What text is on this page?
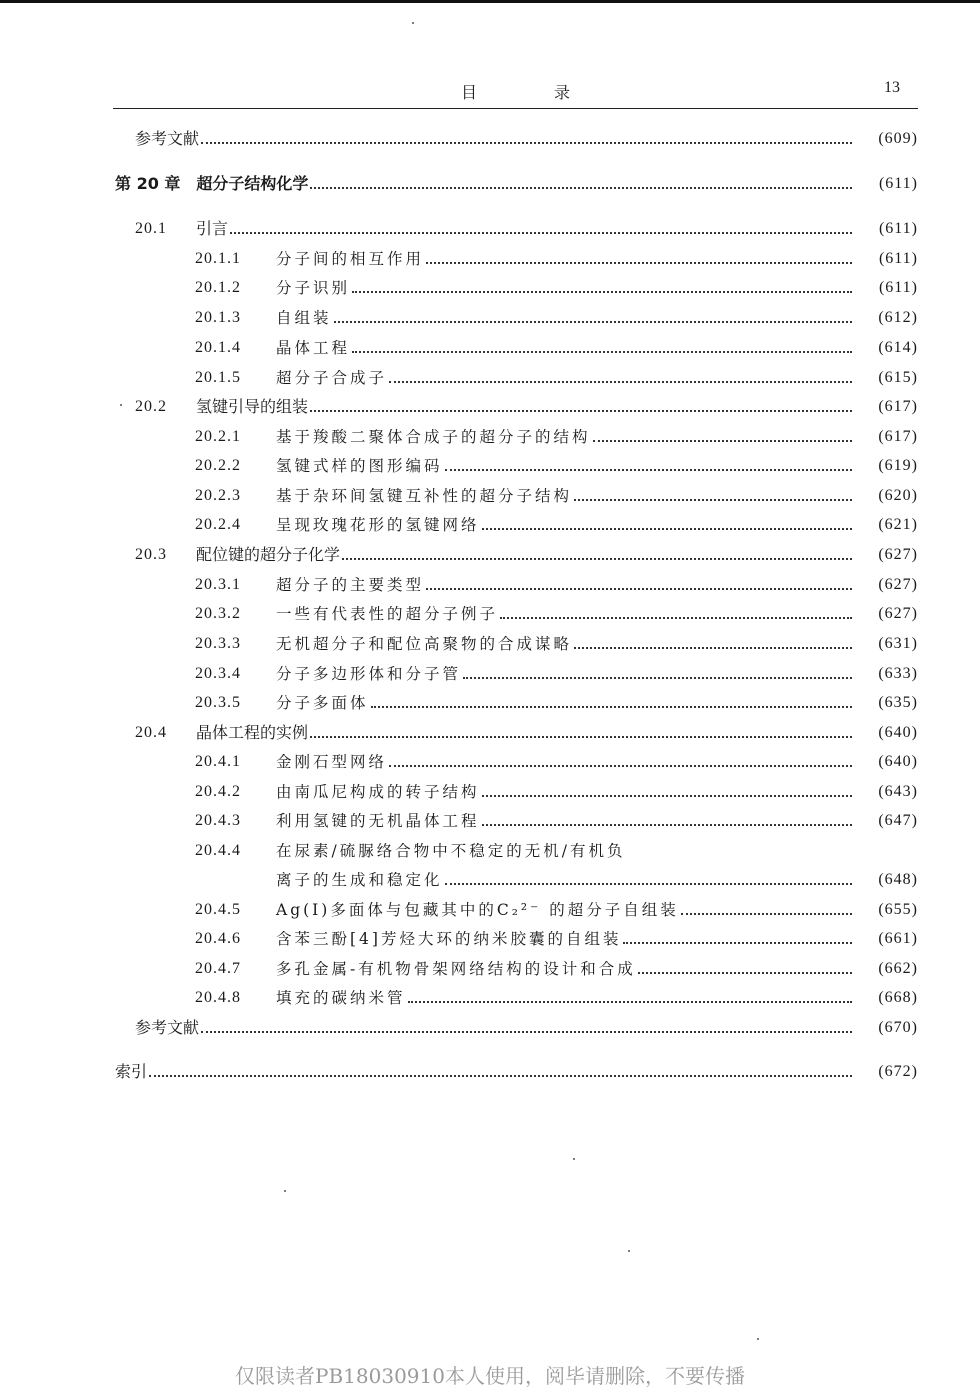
目 录	13
参考文献	(609)
第 20 章　超分子结构化学	(611)
20.1 引言	(611)
20.1.1 分子间的相互作用	(611)
20.1.2 分子识别	(611)
20.1.3 自组装	(612)
20.1.4 晶体工程	(614)
20.1.5 超分子合成子	(615)
20.2 氢键引导的组装	(617)
20.2.1 基于羧酸二聚体合成子的超分子的结构	(617)
20.2.2 氢键式样的图形编码	(619)
20.2.3 基于杂环间氢键互补性的超分子结构	(620)
20.2.4 呈现玫瑰花形的氢键网络	(621)
20.3 配位键的超分子化学	(627)
20.3.1 超分子的主要类型	(627)
20.3.2 一些有代表性的超分子例子	(627)
20.3.3 无机超分子和配位高聚物的合成谋略	(631)
20.3.4 分子多边形体和分子管	(633)
20.3.5 分子多面体	(635)
20.4 晶体工程的实例	(640)
20.4.1 金刚石型网络	(640)
20.4.2 由南瓜尼构成的转子结构	(643)
20.4.3 利用氢键的无机晶体工程	(647)
20.4.4 在尿素/硫脲络合物中不稳定的无机/有机负
离子的生成和稳定化	(648)
20.4.5 Ag(I)多面体与包藏其中的C₂²⁻ 的超分子自组装	(655)
20.4.6 含苯三酚[4]芳烃大环的纳米胶囊的自组装	(661)
20.4.7 多孔金属-有机物骨架网络结构的设计和合成	(662)
20.4.8 填充的碳纳米管	(668)
参考文献	(670)
索引	(672)
仅限读者PB18030910本人使用，阅毕请删除，不要传播
